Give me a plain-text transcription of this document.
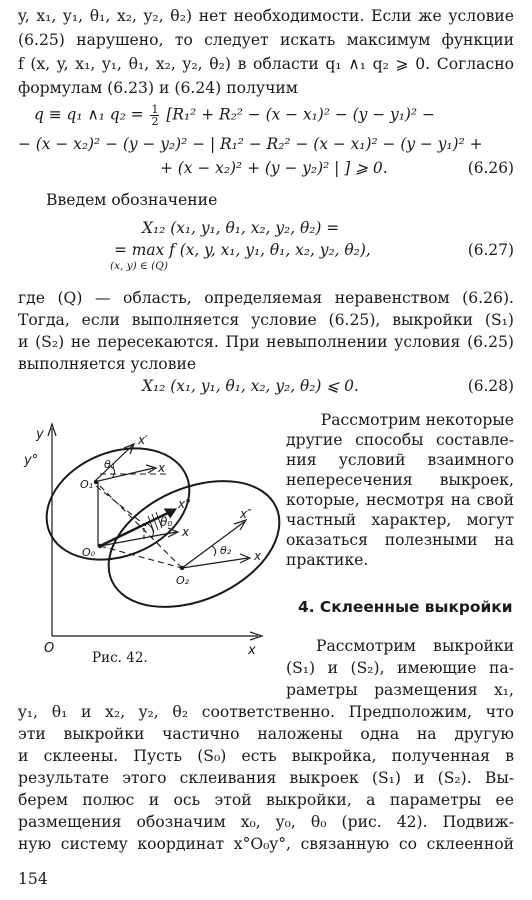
y, x₁, y₁, θ₁, x₂, y₂, θ₂) нет необходимости. Если же условие
(6.25) нарушено, то следует искать максимум функции
f (x, y, x₁, y₁, θ₁, x₂, y₂, θ₂) в области q₁ ∧₁ q₂ ⩾ 0. Согласно
формулам (6.23) и (6.24) получим
q ≡ q₁ ∧₁ $q_2 = \frac{1}{2} [R_1^2 + R_2^2 - (x - x_1)^2 - (y - y_1)^2$ −
− (x − x₂)² − (y − y₂)² − | R₁² − R₂² − (x − x₁)² − (y − y₁)² +
+ (x − x₂)² + (y − y₂)² | ] ⩾ 0.	(6.26)
Введем обозначение
X₁₂ (x₁, y₁, θ₁, x₂, y₂, θ₂) =
= max f (x, y, x₁, y₁, θ₁, x₂, y₂, θ₂),
(x, y) ∈ (Q)
(6.27)
где (Q) — область, определяемая неравенством (6.26).
Тогда, если выполняется условие (6.25), выкройки (S₁)
и (S₂) не пересекаются. При невыполнении условия (6.25)
выполняется условие
X₁₂ (x₁, y₁, θ₁, x₂, y₂, θ₂) ⩽ 0.	(6.28)
Рассмотрим некоторые
другие способы составле-
ния условий взаимного
непересечения выкроек,
которые, несмотря на свой
частный характер, могут
оказаться полезными на
практике.
4. Склеенные выкройки
y
y°
x
O
x′
θ₁
O₁
x
x°
θ₀
x
x″
O₀	θ₂ x
O₂
Рис. 42.
Рассмотрим выкройки
(S₁) и (S₂), имеющие па-
раметры размещения x₁,
y₁, θ₁ и x₂, y₂, θ₂ соответственно. Предположим, что
эти выкройки частично наложены одна на другую
и склеены. Пусть (S₀) есть выкройка, полученная в
результате этого склеивания выкроек (S₁) и (S₂). Вы-
берем полюс и ось этой выкройки, а параметры ее
размещения обозначим x₀, y₀, θ₀ (рис. 42). Подвиж-
ную систему координат x°O₀y°, связанную со склеенной
154
